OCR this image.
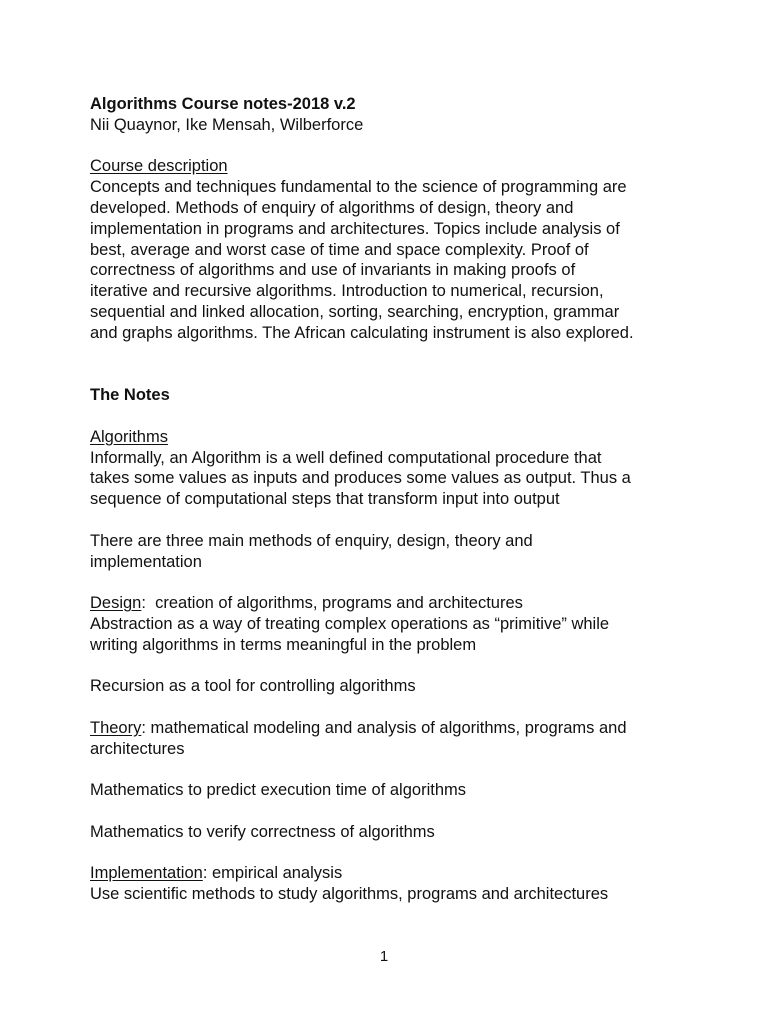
Algorithms Course notes-2018 v.2
Nii Quaynor, Ike Mensah, Wilberforce
Course description
Concepts and techniques fundamental to the science of programming are
developed. Methods of enquiry of algorithms of design, theory and
implementation in programs and architectures. Topics include analysis of
best, average and worst case of time and space complexity. Proof of
correctness of algorithms and use of invariants in making proofs of
iterative and recursive algorithms. Introduction to numerical, recursion,
sequential and linked allocation, sorting, searching, encryption, grammar
and graphs algorithms. The African calculating instrument is also explored.
The Notes
Algorithms
Informally, an Algorithm is a well defined computational procedure that
takes some values as inputs and produces some values as output. Thus a
sequence of computational steps that transform input into output
There are three main methods of enquiry, design, theory and
implementation
Design:  creation of algorithms, programs and architectures
Abstraction as a way of treating complex operations as “primitive” while
writing algorithms in terms meaningful in the problem
Recursion as a tool for controlling algorithms
Theory: mathematical modeling and analysis of algorithms, programs and
architectures
Mathematics to predict execution time of algorithms
Mathematics to verify correctness of algorithms
Implementation: empirical analysis
Use scientific methods to study algorithms, programs and architectures
1
